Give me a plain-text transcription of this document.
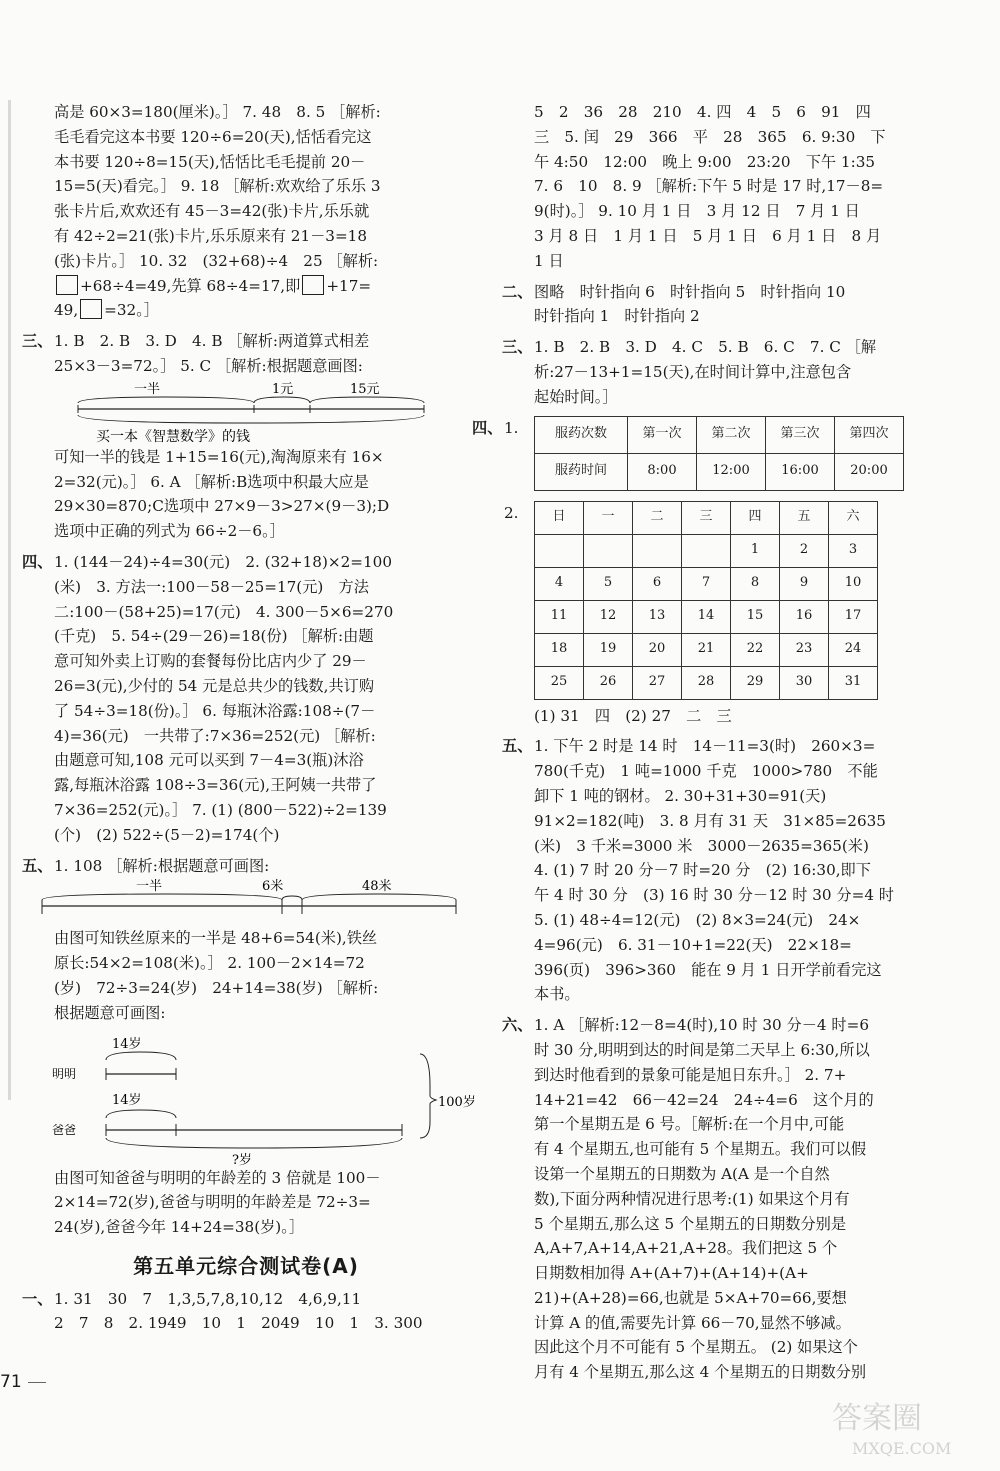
高是 60×3=180(厘米)。］ 7. 48　8. 5 ［解析:
毛毛看完这本书要 120÷6=20(天),恬恬看完这
本书要 120÷8=15(天),恬恬比毛毛提前 20－
15=5(天)看完。］ 9. 18 ［解析:欢欢给了乐乐 3
张卡片后,欢欢还有 45－3=42(张)卡片,乐乐就
有 42÷2=21(张)卡片,乐乐原来有 21－3=18
(张)卡片。］ 10. 32　(32+68)÷4　25 ［解析:
+68÷4=49,先算 68÷4=17,即 +17=
49, =32。］
三、 1. B　2. B　3. D　4. B ［解析:两道算式相差
25×3－3=72。］ 5. C ［解析:根据题意画图:
一半	1元	15元
买一本《智慧数学》的钱
可知一半的钱是 1+15=16(元),淘淘原来有 16×
2=32(元)。］ 6. A ［解析:B选项中积最大应是
29×30=870;C选项中 27×9－3>27×(9－3);D
选项中正确的列式为 66÷2－6。］
四、 1. (144－24)÷4=30(元)　2. (32+18)×2=100
(米)　3. 方法一:100－58－25=17(元)　方法
二:100－(58+25)=17(元)　4. 300－5×6=270
(千克)　5. 54÷(29－26)=18(份) ［解析:由题
意可知外卖上订购的套餐每份比店内少了 29－
26=3(元),少付的 54 元是总共少的钱数,共订购
了 54÷3=18(份)。］ 6. 每瓶沐浴露:108÷(7－
4)=36(元)　一共带了:7×36=252(元) ［解析:
由题意可知,108 元可以买到 7－4=3(瓶)沐浴
露,每瓶沐浴露 108÷3=36(元),王阿姨一共带了
7×36=252(元)。］ 7. (1) (800－522)÷2=139
(个)　(2) 522÷(5－2)=174(个)
五、 1. 108 ［解析:根据题意可画图:
一半	6米	48米
由图可知铁丝原来的一半是 48+6=54(米),铁丝
原长:54×2=108(米)。］ 2. 100－2×14=72
(岁)　72÷3=24(岁)　24+14=38(岁) ［解析:
根据题意可画图:
14岁
明明
14岁
爸爸
?岁
100岁
由图可知爸爸与明明的年龄差的 3 倍就是 100－
2×14=72(岁),爸爸与明明的年龄差是 72÷3=
24(岁),爸爸今年 14+24=38(岁)。］
第五单元综合测试卷(A)
一、 1. 31　30　7　1,3,5,7,8,10,12　4,6,9,11
2　7　8　2. 1949　10　1　2049　10　1　3. 300
5　2　36　28　210　4. 四　4　5　6　91　四
三　5. 闰　29　366　平　28　365　6. 9:30　下
午 4:50　12:00　晚上 9:00　23:20　下午 1:35
7. 6　10　8. 9 ［解析:下午 5 时是 17 时,17－8=
9(时)。］ 9. 10 月 1 日　3 月 12 日　7 月 1 日
3 月 8 日　1 月 1 日　5 月 1 日　6 月 1 日　8 月
1 日
二、 图略　时针指向 6　时针指向 5　时针指向 10
时针指向 1　时针指向 2
三、 1. B　2. B　3. D　4. C　5. B　6. C　7. C ［解
析:27－13+1=15(天),在时间计算中,注意包含
起始时间。］
四、 1.	服药次数	第一次	第二次	第三次	第四次
服药时间	8:00	12:00	16:00	20:00
2.	日	一	二	三	四	五	六
				1	2	3
4	5	6	7	8	9	10
11	12	13	14	15	16	17
18	19	20	21	22	23	24
25	26	27	28	29	30	31
(1) 31　四　(2) 27　二　三
五、 1. 下午 2 时是 14 时　14－11=3(时)　260×3=
780(千克)　1 吨=1000 千克　1000>780　不能
卸下 1 吨的钢材。 2. 30+31+30=91(天)
91×2=182(吨)　3. 8 月有 31 天　31×85=2635
(米)　3 千米=3000 米　3000－2635=365(米)
4. (1) 7 时 20 分－7 时=20 分　(2) 16:30,即下
午 4 时 30 分　(3) 16 时 30 分－12 时 30 分=4 时
5. (1) 48÷4=12(元)　(2) 8×3=24(元)　24×
4=96(元)　6. 31－10+1=22(天)　22×18=
396(页)　396>360　能在 9 月 1 日开学前看完这
本书。
六、 1. A ［解析:12－8=4(时),10 时 30 分－4 时=6
时 30 分,明明到达的时间是第二天早上 6:30,所以
到达时他看到的景象可能是旭日东升。］ 2. 7+
14+21=42　66－42=24　24÷4=6　这个月的
第一个星期五是 6 号。［解析:在一个月中,可能
有 4 个星期五,也可能有 5 个星期五。我们可以假
设第一个星期五的日期数为 A(A 是一个自然
数),下面分两种情况进行思考:(1) 如果这个月有
5 个星期五,那么这 5 个星期五的日期数分别是
A,A+7,A+14,A+21,A+28。我们把这 5 个
日期数相加得 A+(A+7)+(A+14)+(A+
21)+(A+28)=66,也就是 5×A+70=66,要想
计算 A 的值,需要先计算 66－70,显然不够减。
因此这个月不可能有 5 个星期五。 (2) 如果这个
月有 4 个星期五,那么这 4 个星期五的日期数分别
71
答案圈
MXQE.COM
